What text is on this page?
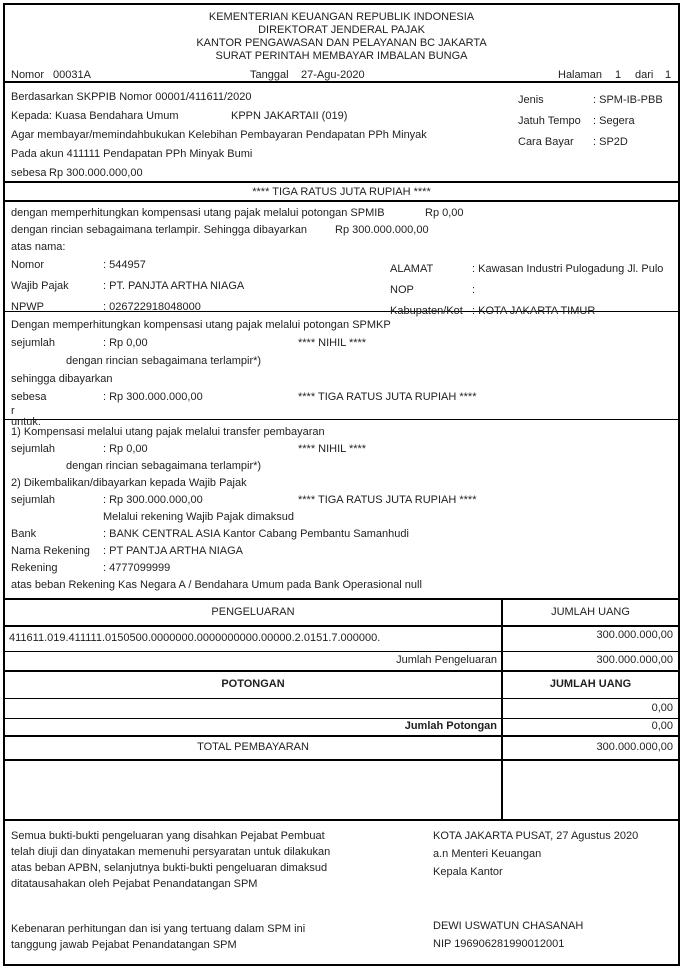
KEMENTERIAN KEUANGAN REPUBLIK INDONESIA
DIREKTORAT JENDERAL PAJAK
KANTOR PENGAWASAN DAN PELAYANAN BC JAKARTA
SURAT PERINTAH MEMBAYAR IMBALAN BUNGA
Nomor 00031A	Tanggal 27-Agu-2020	Halaman 1 dari 1
Berdasarkan SKPPIB Nomor 00001/411611/2020
Kepada: Kuasa Bendahara Umum	KPPN JAKARTAII (019)
Agar membayar/memindahbukukan Kelebihan Pembayaran Pendapatan PPh Minyak
Pada akun 411111 Pendapatan PPh Minyak Bumi
sebesa Rp 300.000.000,00
Jenis	: SPM-IB-PBB
Jatuh Tempo : Segera
Cara Bayar : SP2D
**** TIGA RATUS JUTA RUPIAH ****
dengan memperhitungkan kompensasi utang pajak melalui potongan SPMIB	Rp 0,00
dengan rincian sebagaimana terlampir. Sehingga dibayarkan	Rp 300.000.000,00
atas nama:
Nomor	: 544957
Wajib Pajak	: PT. PANJTA ARTHA NIAGA
NPWP	: 026722918048000
ALAMAT	: Kawasan Industri Pulogadung Jl. Pulo
NOP	:
Kabupaten/Kot : KOTA JAKARTA TIMUR
Dengan memperhitungkan kompensasi utang pajak melalui potongan SPMKP
sejumlah	: Rp 0,00	**** NIHIL ****
dengan rincian sebagaimana terlampir*)
sehingga dibayarkan
sebesa	: Rp 300.000.000,00	**** TIGA RATUS JUTA RUPIAH ****
r
untuk:
1) Kompensasi melalui utang pajak melalui transfer pembayaran
sejumlah	: Rp 0,00	**** NIHIL ****
dengan rincian sebagaimana terlampir*)
2) Dikembalikan/dibayarkan kepada Wajib Pajak
sejumlah	: Rp 300.000.000,00	**** TIGA RATUS JUTA RUPIAH ****
Melalui rekening Wajib Pajak dimaksud
Bank	: BANK CENTRAL ASIA Kantor Cabang Pembantu Samanhudi
Nama Rekening : PT PANTJA ARTHA NIAGA
Rekening	: 4777099999
atas beban Rekening Kas Negara A / Bendahara Umum pada Bank Operasional null
PENGELUARAN	JUMLAH UANG
411611.019.411111.0150500.0000000.0000000000.00000.2.0151.7.000000.	300.000.000,00
Jumlah Pengeluaran	300.000.000,00
POTONGAN	JUMLAH UANG
0,00
Jumlah Potongan	0,00
TOTAL PEMBAYARAN	300.000.000,00
Semua bukti-bukti pengeluaran yang disahkan Pejabat Pembuat
telah diuji dan dinyatakan memenuhi persyaratan untuk dilakukan
atas beban APBN, selanjutnya bukti-bukti pengeluaran dimaksud
ditatausahakan oleh Pejabat Penandatangan SPM
Kebenaran perhitungan dan isi yang tertuang dalam SPM ini
tanggung jawab Pejabat Penandatangan SPM
KOTA JAKARTA PUSAT, 27 Agustus 2020
a.n Menteri Keuangan
Kepala Kantor
DEWI USWATUN CHASANAH
NIP 196906281990012001
